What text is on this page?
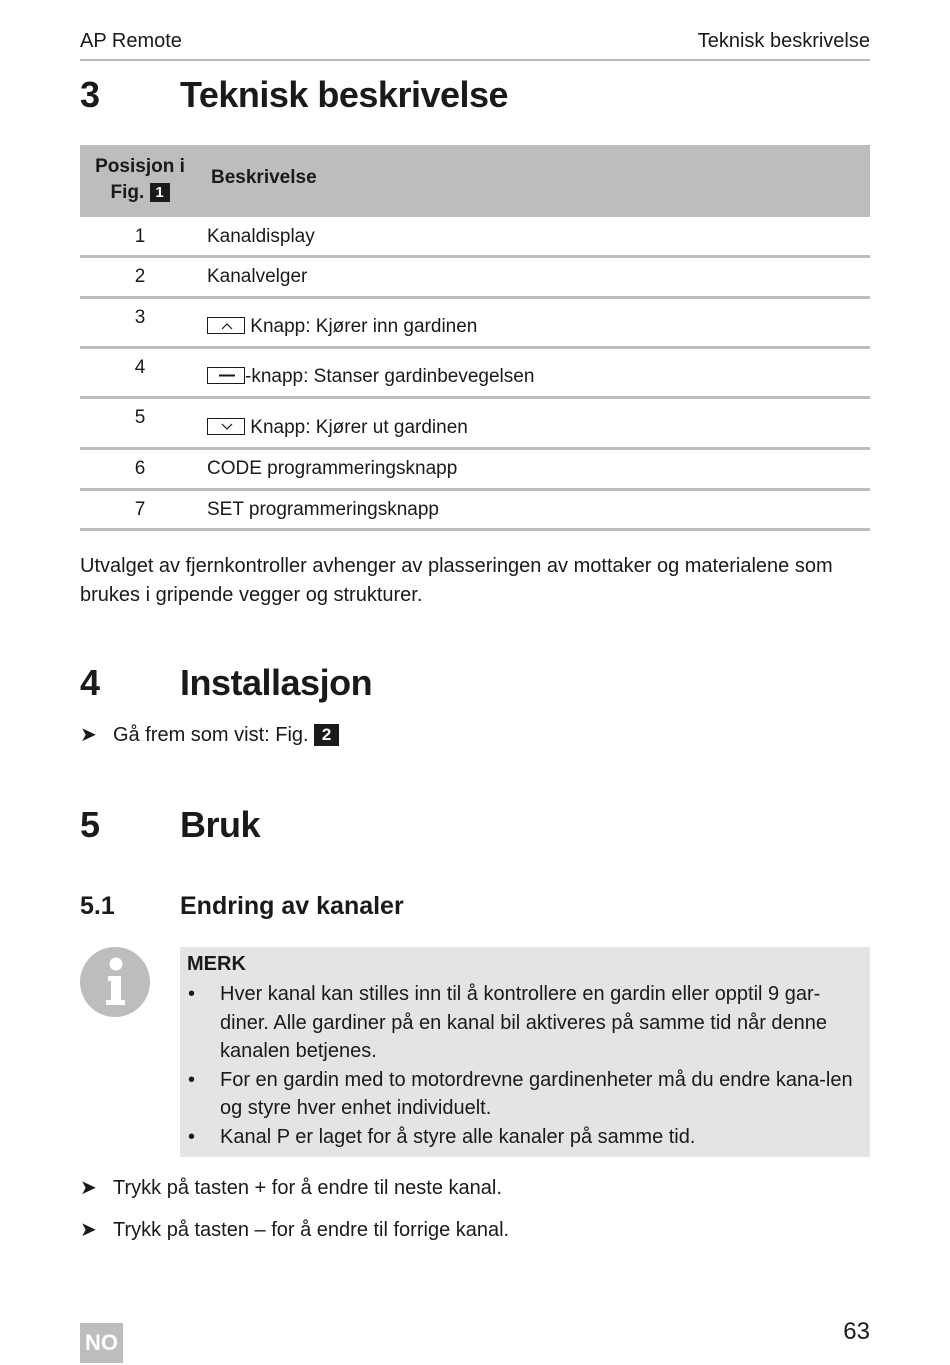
AP Remote	Teknisk beskrivelse
3 Teknisk beskrivelse
Posisjon i
Fig. 1
Beskrivelse
1	Kanaldisplay
2	Kanalvelger
3	Knapp: Kjører inn gardinen
4	-knapp: Stanser gardinbevegelsen
5	Knapp: Kjører ut gardinen
6	CODE programmeringsknapp
7	SET programmeringsknapp
Utvalget av fjernkontroller avhenger av plasseringen av mottaker og materialene som brukes i gripende vegger og strukturer.
4 Installasjon
➤ Gå frem som vist: Fig. 2
5 Bruk
5.1	Endring av kanaler
MERK
• Hver kanal kan stilles inn til å kontrollere en gardin eller opptil 9 gar-diner. Alle gardiner på en kanal bil aktiveres på samme tid når denne kanalen betjenes.
• For en gardin med to motordrevne gardinenheter må du endre kana-len og styre hver enhet individuelt.
• Kanal P er laget for å styre alle kanaler på samme tid.
➤ Trykk på tasten + for å endre til neste kanal.
➤ Trykk på tasten – for å endre til forrige kanal.
NO	63
